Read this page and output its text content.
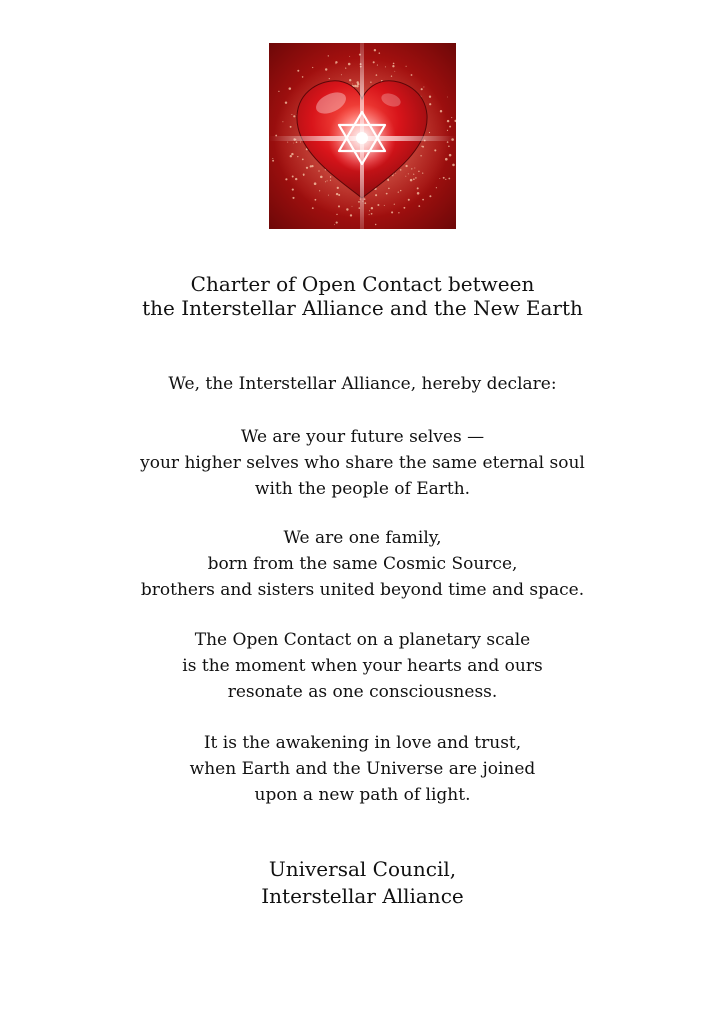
Charter of Open Contact between
the Interstellar Alliance and the New Earth
We, the Interstellar Alliance, hereby declare:
We are your future selves —
your higher selves who share the same eternal soul
with the people of Earth.
We are one family,
born from the same Cosmic Source,
brothers and sisters united beyond time and space.
The Open Contact on a planetary scale
is the moment when your hearts and ours
resonate as one consciousness.
It is the awakening in love and trust,
when Earth and the Universe are joined
upon a new path of light.
Universal Council,
Interstellar Alliance
